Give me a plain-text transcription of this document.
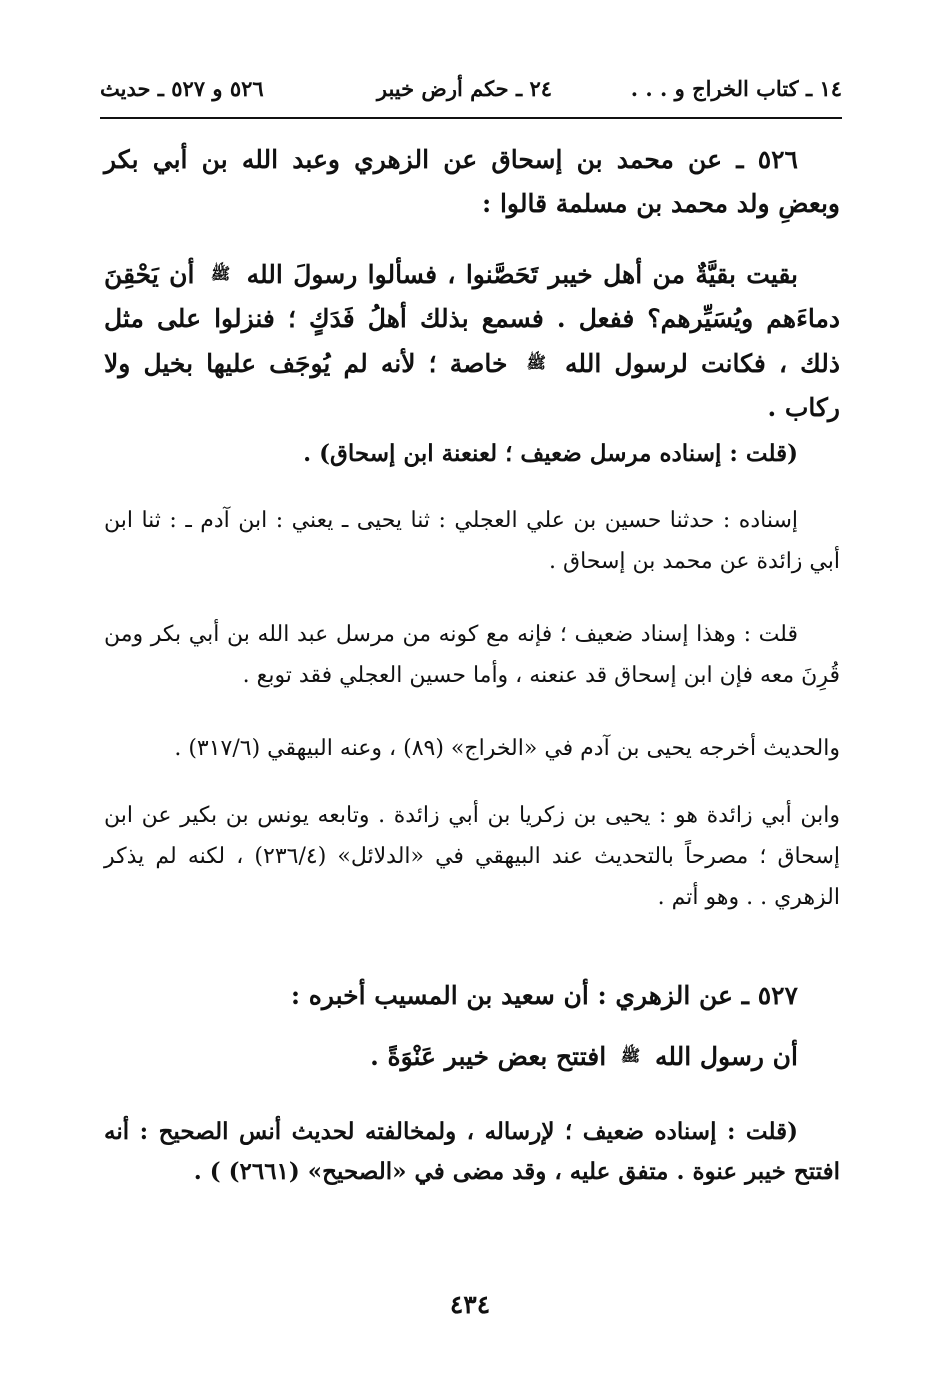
١٤ ـ كتاب الخراج و . . .
٢٤ ـ حكم أرض خيبر
٥٢٦ و ٥٢٧ ـ حديث
٥٢٦ ـ عن محمد بن إسحاق عن الزهري وعبد الله بن أبي بكر وبعضِ ولد محمد بن مسلمة قالوا :
بقيت بقيَّةٌ من أهل خيبر تَحَصَّنوا ، فسألوا رسولَ الله ﷺ أن يَحْقِنَ دماءَهم ويُسَيِّرهم؟ ففعل . فسمع بذلك أهلُ فَدَكٍ ؛ فنزلوا على مثل ذلك ، فكانت لرسول الله ﷺ خاصة ؛ لأنه لم يُوجَف عليها بخيل ولا ركاب .
(قلت : إسناده مرسل ضعيف ؛ لعنعنة ابن إسحاق) .
إسناده : حدثنا حسين بن علي العجلي : ثنا يحيى ـ يعني : ابن آدم ـ : ثنا ابن أبي زائدة عن محمد بن إسحاق .
قلت : وهذا إسناد ضعيف ؛ فإنه مع كونه من مرسل عبد الله بن أبي بكر ومن قُرِنَ معه فإن ابن إسحاق قد عنعنه ، وأما حسين العجلي فقد توبع .
والحديث أخرجه يحيى بن آدم في «الخراج» (٨٩) ، وعنه البيهقي (٣١٧/٦) .
وابن أبي زائدة هو : يحيى بن زكريا بن أبي زائدة . وتابعه يونس بن بكير عن ابن إسحاق ؛ مصرحاً بالتحديث عند البيهقي في «الدلائل» (٢٣٦/٤) ، لكنه لم يذكر الزهري . . وهو أتم .
٥٢٧ ـ عن الزهري : أن سعيد بن المسيب أخبره :
أن رسول الله ﷺ افتتح بعض خيبر عَنْوَةً .
(قلت : إسناده ضعيف ؛ لإرساله ، ولمخالفته لحديث أنس الصحيح : أنه افتتح خيبر عنوة . متفق عليه ، وقد مضى في «الصحيح» (٢٦٦١) ) .
٤٣٤
